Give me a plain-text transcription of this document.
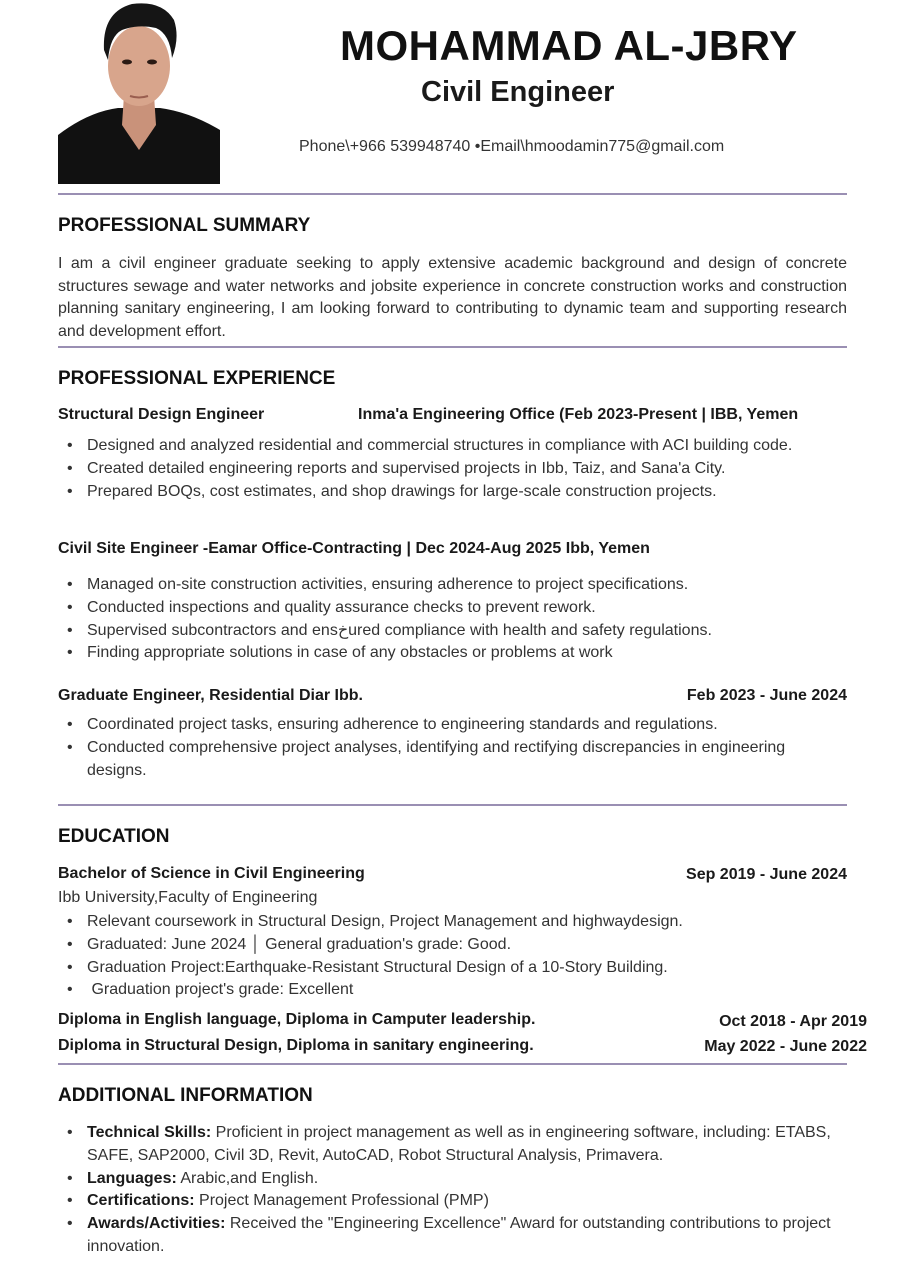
MOHAMMAD AL-JBRY
Civil Engineer
Phone\+966 539948740 •Email\hmoodamin775@gmail.com
PROFESSIONAL SUMMARY
I am a civil engineer graduate seeking to apply extensive academic background and design of concrete structures sewage and water networks and jobsite experience in concrete construction works and construction planning sanitary engineering, I am looking forward to contributing to dynamic team and supporting research and development effort.
PROFESSIONAL EXPERIENCE
Structural Design Engineer	Inma'a Engineering Office (Feb 2023-Present | IBB, Yemen
• Designed and analyzed residential and commercial structures in compliance with ACI building code.
• Created detailed engineering reports and supervised projects in Ibb, Taiz, and Sana'a City.
• Prepared BOQs, cost estimates, and shop drawings for large-scale construction projects.
Civil Site Engineer -Eamar Office-Contracting | Dec 2024-Aug 2025 Ibb, Yemen
• Managed on-site construction activities, ensuring adherence to project specifications.
• Conducted inspections and quality assurance checks to prevent rework.
• Supervised subcontractors and ensخured compliance with health and safety regulations.
• Finding appropriate solutions in case of any obstacles or problems at work
Graduate Engineer, Residential Diar Ibb.	Feb 2023 - June 2024
• Coordinated project tasks, ensuring adherence to engineering standards and regulations.
• Conducted comprehensive project analyses, identifying and rectifying discrepancies in engineering designs.
EDUCATION
Bachelor of Science in Civil Engineering	Sep 2019 - June 2024
Ibb University,Faculty of Engineering
• Relevant coursework in Structural Design, Project Management and highwaydesign.
• Graduated: June 2024 │ General graduation's grade: Good.
• Graduation Project:Earthquake-Resistant Structural Design of a 10-Story Building.
•  Graduation project's grade: Excellent
Diploma in English language, Diploma in Camputer leadership.	Oct 2018 - Apr 2019
Diploma in Structural Design, Diploma in sanitary engineering.	May 2022 - June 2022
ADDITIONAL INFORMATION
• Technical Skills: Proficient in project management as well as in engineering software, including: ETABS, SAFE, SAP2000, Civil 3D, Revit, AutoCAD, Robot Structural Analysis, Primavera.
• Languages: Arabic,and English.
• Certifications: Project Management Professional (PMP)
• Awards/Activities: Received the "Engineering Excellence" Award for outstanding contributions to project innovation.
